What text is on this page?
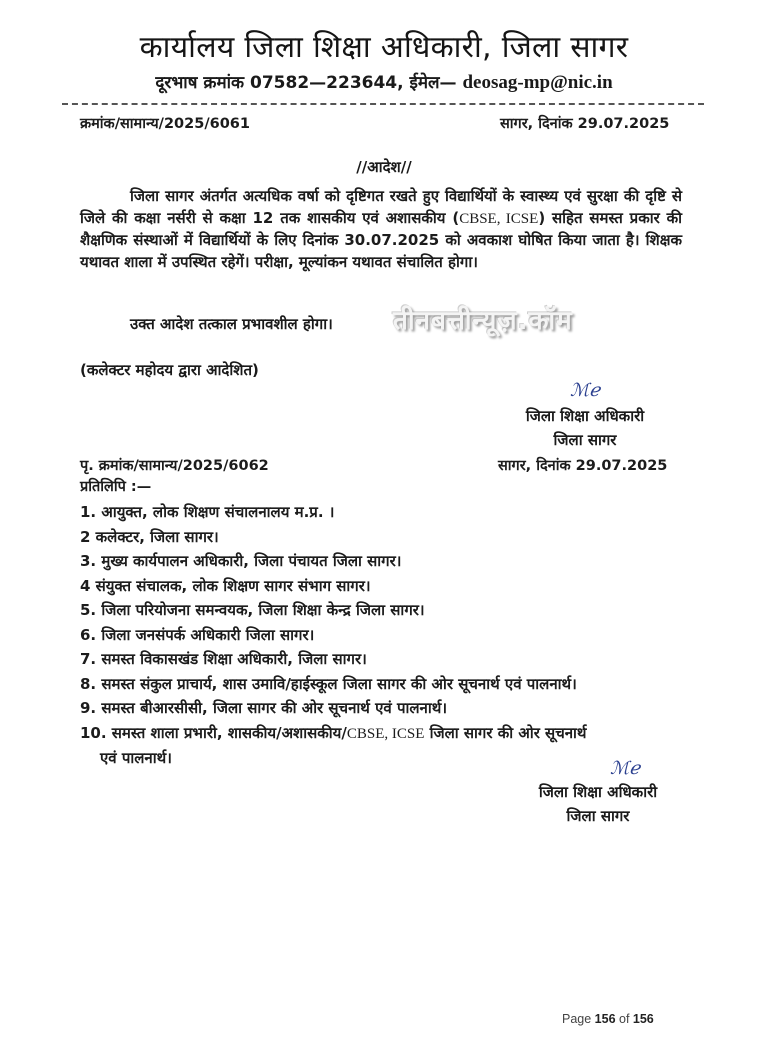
कार्यालय जिला शिक्षा अधिकारी, जिला सागर
दूरभाष क्रमांक 07582—223644, ईमेल— deosag-mp@nic.in
क्रमांक/सामान्य/2025/6061	सागर, दिनांक 29.07.2025
//आदेश//
जिला सागर अंतर्गत अत्यधिक वर्षा को दृष्टिगत रखते हुए विद्यार्थियों के स्वास्थ्य एवं सुरक्षा की दृष्टि से जिले की कक्षा नर्सरी से कक्षा 12 तक शासकीय एवं अशासकीय (CBSE, ICSE) सहित समस्त प्रकार की शैक्षणिक संस्थाओं में विद्यार्थियों के लिए दिनांक 30.07.2025 को अवकाश घोषित किया जाता है। शिक्षक यथावत शाला में उपस्थित रहेगें। परीक्षा, मूल्यांकन यथावत संचालित होगा।
उक्त आदेश तत्काल प्रभावशील होगा। तीनबत्तीन्यूज़.कॉम
(कलेक्टर महोदय द्वारा आदेशित)
ℳℯ
जिला शिक्षा अधिकारी
जिला सागर
पृ. क्रमांक/सामान्य/2025/6062	सागर, दिनांक 29.07.2025
प्रतिलिपि :—
1. आयुक्त, लोक शिक्षण संचालनालय म.प्र. ।
2 कलेक्टर, जिला सागर।
3. मुख्य कार्यपालन अधिकारी, जिला पंचायत जिला सागर।
4 संयुक्त संचालक, लोक शिक्षण सागर संभाग सागर।
5. जिला परियोजना समन्वयक, जिला शिक्षा केन्द्र जिला सागर।
6. जिला जनसंपर्क अधिकारी जिला सागर।
7. समस्त विकासखंड शिक्षा अधिकारी, जिला सागर।
8. समस्त संकुल प्राचार्य, शास उमावि/हाईस्कूल जिला सागर की ओर सूचनार्थ एवं पालनार्थ।
9. समस्त बीआरसीसी, जिला सागर की ओर सूचनार्थ एवं पालनार्थ।
10. समस्त शाला प्रभारी, शासकीय/अशासकीय/CBSE, ICSE जिला सागर की ओर सूचनार्थ
एवं पालनार्थ।	ℳℯ
जिला शिक्षा अधिकारी
जिला सागर
Page 156 of 156
